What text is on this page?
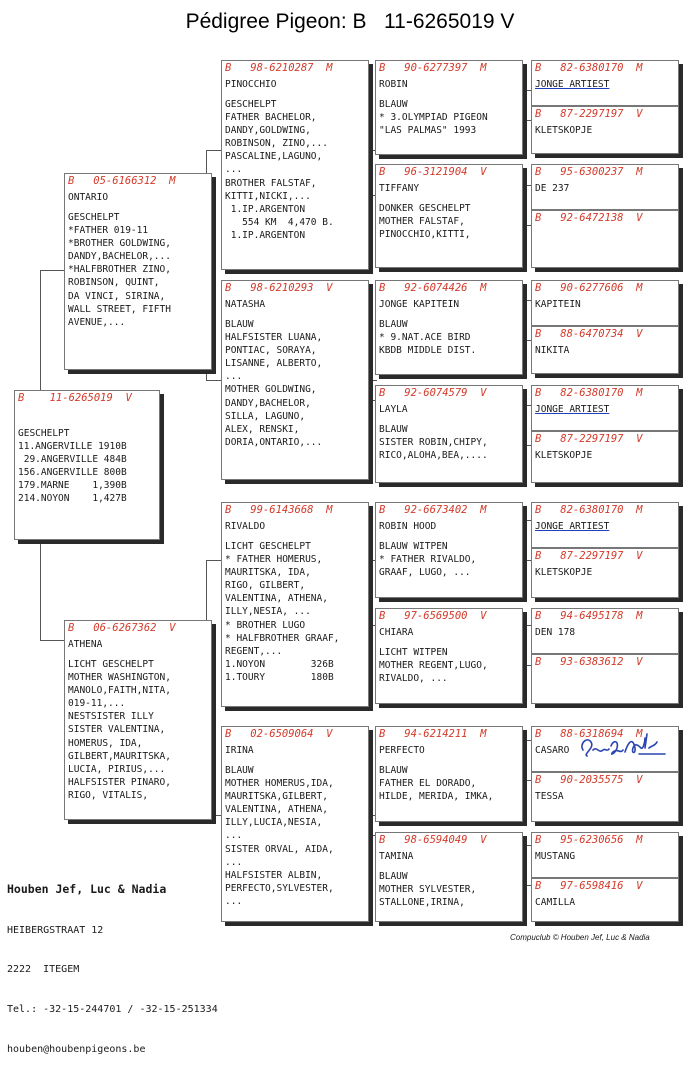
Pédigree Pigeon: B   11-6265019 V
B    11-6265019  V
GESCHELPT
11.ANGERVILLE 1910B
29.ANGERVILLE 484B
156.ANGERVILLE 800B
179.MARNE    1,390B
214.NOYON    1,427B
B   05-6166312  M
ONTARIO
GESCHELPT
*FATHER 019-11
*BROTHER GOLDWING,
DANDY,BACHELOR,...
*HALFBROTHER ZINO,
ROBINSON, QUINT,
DA VINCI, SIRINA,
WALL STREET, FIFTH
AVENUE,...
B   06-6267362  V
ATHENA
LICHT GESCHELPT
MOTHER WASHINGTON,
MANOLO,FAITH,NITA,
019-11,...
NESTSISTER ILLY
SISTER VALENTINA,
HOMERUS, IDA,
GILBERT,MAURITSKA,
LUCIA, PIRIUS,...
HALFSISTER PINARO,
RIGO, VITALIS,
B   98-6210287  M
PINOCCHIO
GESCHELPT
FATHER BACHELOR,
DANDY,GOLDWING,
ROBINSON, ZINO,...
PASCALINE,LAGUNO,
...
BROTHER FALSTAF,
KITTI,NICKI,...
1.IP.ARGENTON
554 KM  4,470 B.
1.IP.ARGENTON
B   98-6210293  V
NATASHA
BLAUW
HALFSISTER LUANA,
PONTIAC, SORAYA,
LISANNE, ALBERTO,
...
MOTHER GOLDWING,
DANDY,BACHELOR,
SILLA, LAGUNO,
ALEX, RENSKI,
DORIA,ONTARIO,...
B   99-6143668  M
RIVALDO
LICHT GESCHELPT
* FATHER HOMERUS,
MAURITSKA, IDA,
RIGO, GILBERT,
VALENTINA, ATHENA,
ILLY,NESIA, ...
* BROTHER LUGO
* HALFBROTHER GRAAF,
REGENT,...
1.NOYON        326B
1.TOURY        180B
B   02-6509064  V
IRINA
BLAUW
MOTHER HOMERUS,IDA,
MAURITSKA,GILBERT,
VALENTINA, ATHENA,
ILLY,LUCIA,NESIA,
...
SISTER ORVAL, AIDA,
...
HALFSISTER ALBIN,
PERFECTO,SYLVESTER,
...
B   90-6277397  M
ROBIN
BLAUW
* 3.OLYMPIAD PIGEON
"LAS PALMAS" 1993
B   96-3121904  V
TIFFANY
DONKER GESCHELPT
MOTHER FALSTAF,
PINOCCHIO,KITTI,
B   92-6074426  M
JONGE KAPITEIN
BLAUW
* 9.NAT.ACE BIRD
KBDB MIDDLE DIST.
B   92-6074579  V
LAYLA
BLAUW
SISTER ROBIN,CHIPY,
RICO,ALOHA,BEA,....
B   92-6673402  M
ROBIN HOOD
BLAUW WITPEN
* FATHER RIVALDO,
GRAAF, LUGO, ...
B   97-6569500  V
CHIARA
LICHT WITPEN
MOTHER REGENT,LUGO,
RIVALDO, ...
B   94-6214211  M
PERFECTO
BLAUW
FATHER EL DORADO,
HILDE, MERIDA, IMKA,
B   98-6594049  V
TAMINA
BLAUW
MOTHER SYLVESTER,
STALLONE,IRINA,
B   82-6380170  M
JONGE ARTIEST
B   87-2297197  V
KLETSKOPJE
B   95-6300237  M
DE 237
B   92-6472138  V
B   90-6277606  M
KAPITEIN
B   88-6470734  V
NIKITA
B   82-6380170  M
JONGE ARTIEST
B   87-2297197  V
KLETSKOPJE
B   82-6380170  M
JONGE ARTIEST
B   87-2297197  V
KLETSKOPJE
B   94-6495178  M
DEN 178
B   93-6383612  V
B   88-6318694  M
CASARO
B   90-2035575  V
TESSA
B   95-6230656  M
MUSTANG
B   97-6598416  V
CAMILLA

Houben Jef, Luc & Nadia

HEIBERGSTRAAT 12

2222  ITEGEM

Tel.: -32-15-244701 / -32-15-251334

houben@houbenpigeons.be

Compuclub © Houben Jef, Luc & Nadia
